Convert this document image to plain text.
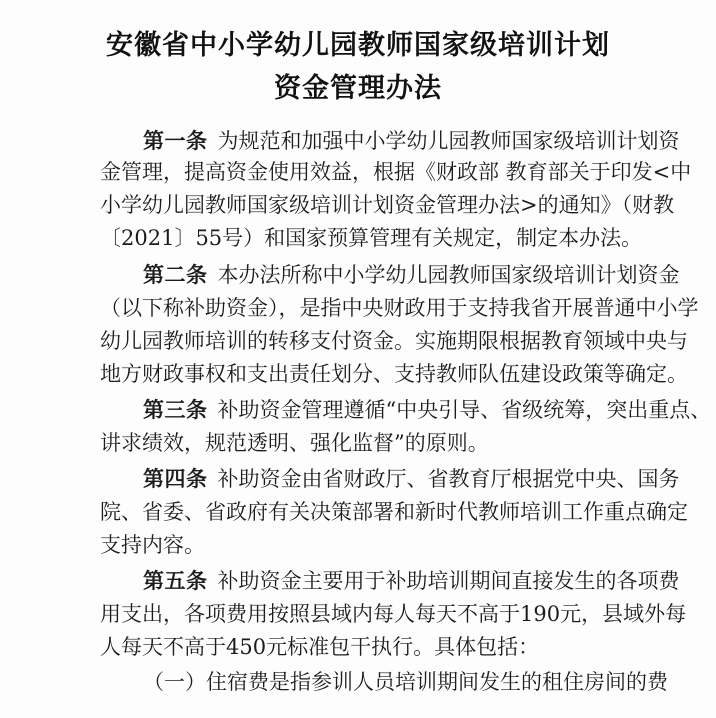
安徽省中小学幼儿园教师国家级培训计划
资金管理办法
第一条 为规范和加强中小学幼儿园教师国家级培训计划资
金管理，提高资金使用效益，根据《财政部 教育部关于印发<中
小学幼儿园教师国家级培训计划资金管理办法>的通知》（财教
〔2021〕55号）和国家预算管理有关规定，制定本办法。
第二条 本办法所称中小学幼儿园教师国家级培训计划资金
（以下称补助资金），是指中央财政用于支持我省开展普通中小学
幼儿园教师培训的转移支付资金。实施期限根据教育领域中央与
地方财政事权和支出责任划分、支持教师队伍建设政策等确定。
第三条 补助资金管理遵循“中央引导、省级统筹，突出重点、
讲求绩效，规范透明、强化监督”的原则。
第四条 补助资金由省财政厅、省教育厅根据党中央、国务
院、省委、省政府有关决策部署和新时代教师培训工作重点确定
支持内容。
第五条 补助资金主要用于补助培训期间直接发生的各项费
用支出，各项费用按照县域内每人每天不高于190元，县域外每
人每天不高于450元标准包干执行。具体包括：
（一）住宿费是指参训人员培训期间发生的租住房间的费
